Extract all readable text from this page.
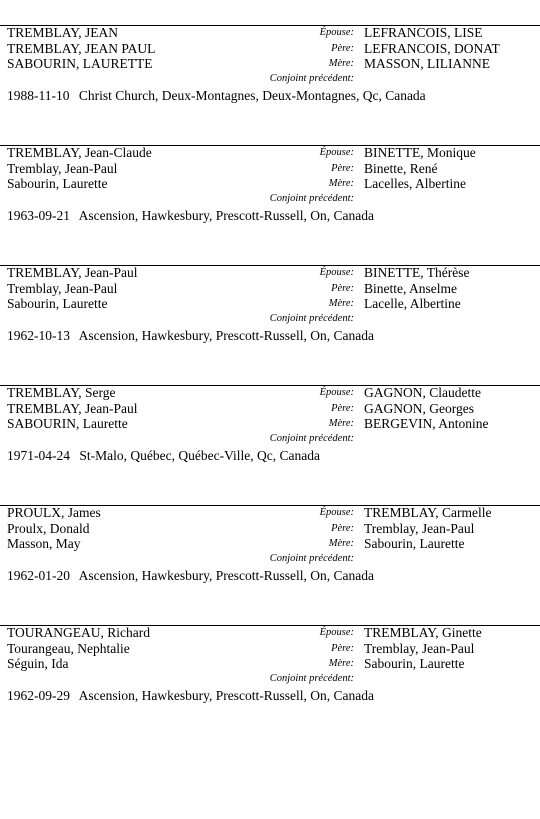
TREMBLAY, JEAN	Épouse: LEFRANCOIS, LISE
TREMBLAY, JEAN PAUL	Père: LEFRANCOIS, DONAT
SABOURIN, LAURETTE	Mère: MASSON, LILIANNE
Conjoint précédent:
1988-11-10 Christ Church, Deux-Montagnes, Deux-Montagnes, Qc, Canada
TREMBLAY, Jean-Claude	Épouse: BINETTE, Monique
Tremblay, Jean-Paul	Père: Binette, René
Sabourin, Laurette	Mère: Lacelles, Albertine
Conjoint précédent:
1963-09-21 Ascension, Hawkesbury, Prescott-Russell, On, Canada
TREMBLAY, Jean-Paul	Épouse: BINETTE, Thérèse
Tremblay, Jean-Paul	Père: Binette, Anselme
Sabourin, Laurette	Mère: Lacelle, Albertine
Conjoint précédent:
1962-10-13 Ascension, Hawkesbury, Prescott-Russell, On, Canada
TREMBLAY, Serge	Épouse: GAGNON, Claudette
TREMBLAY, Jean-Paul	Père: GAGNON, Georges
SABOURIN, Laurette	Mère: BERGEVIN, Antonine
Conjoint précédent:
1971-04-24 St-Malo, Québec, Québec-Ville, Qc, Canada
PROULX, James	Épouse: TREMBLAY, Carmelle
Proulx, Donald	Père: Tremblay, Jean-Paul
Masson, May	Mère: Sabourin, Laurette
Conjoint précédent:
1962-01-20 Ascension, Hawkesbury, Prescott-Russell, On, Canada
TOURANGEAU, Richard	Épouse: TREMBLAY, Ginette
Tourangeau, Nephtalie	Père: Tremblay, Jean-Paul
Séguin, Ida	Mère: Sabourin, Laurette
Conjoint précédent:
1962-09-29 Ascension, Hawkesbury, Prescott-Russell, On, Canada
